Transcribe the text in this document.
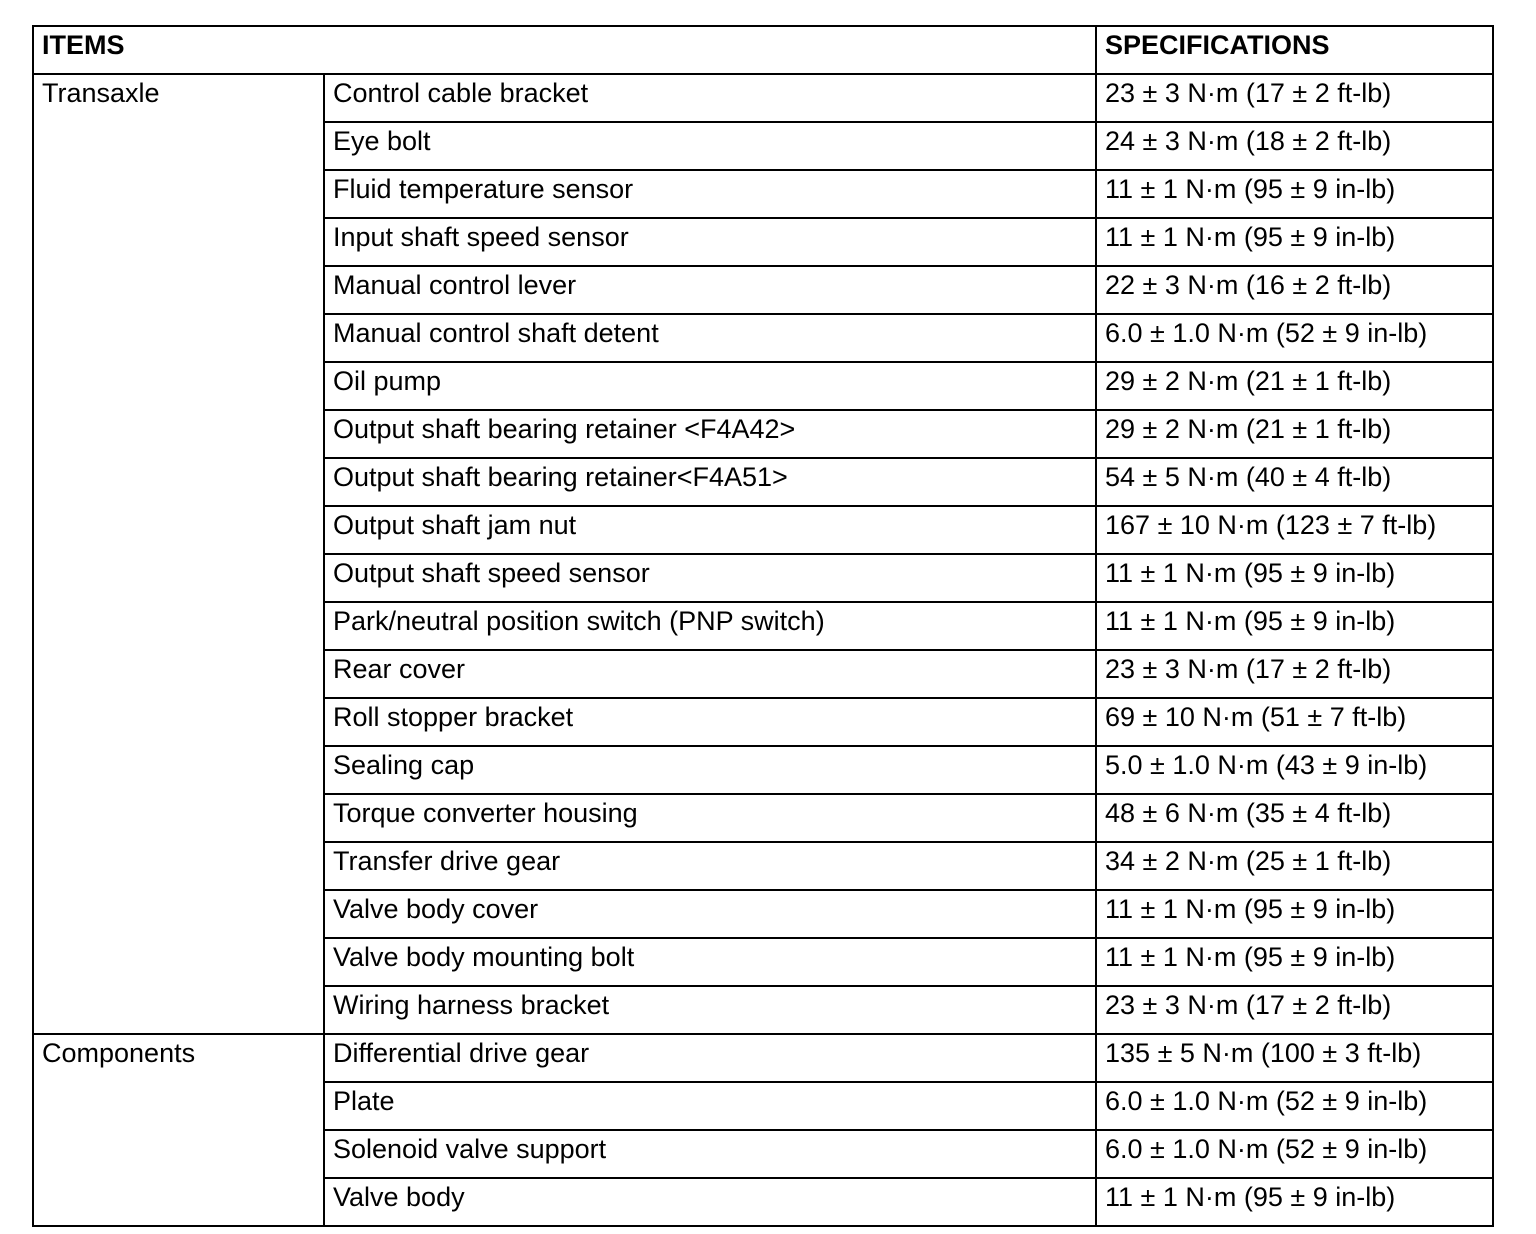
ITEMS		SPECIFICATIONS
Transaxle	Control cable bracket	23 ± 3 N·m (17 ± 2 ft-lb)
	Eye bolt	24 ± 3 N·m (18 ± 2 ft-lb)
	Fluid temperature sensor	11 ± 1 N·m (95 ± 9 in-lb)
	Input shaft speed sensor	11 ± 1 N·m (95 ± 9 in-lb)
	Manual control lever	22 ± 3 N·m (16 ± 2 ft-lb)
	Manual control shaft detent	6.0 ± 1.0 N·m (52 ± 9 in-lb)
	Oil pump	29 ± 2 N·m (21 ± 1 ft-lb)
	Output shaft bearing retainer <F4A42>	29 ± 2 N·m (21 ± 1 ft-lb)
	Output shaft bearing retainer<F4A51>	54 ± 5 N·m (40 ± 4 ft-lb)
	Output shaft jam nut	167 ± 10 N·m (123 ± 7 ft-lb)
	Output shaft speed sensor	11 ± 1 N·m (95 ± 9 in-lb)
	Park/neutral position switch (PNP switch)	11 ± 1 N·m (95 ± 9 in-lb)
	Rear cover	23 ± 3 N·m (17 ± 2 ft-lb)
	Roll stopper bracket	69 ± 10 N·m (51 ± 7 ft-lb)
	Sealing cap	5.0 ± 1.0 N·m (43 ± 9 in-lb)
	Torque converter housing	48 ± 6 N·m (35 ± 4 ft-lb)
	Transfer drive gear	34 ± 2 N·m (25 ± 1 ft-lb)
	Valve body cover	11 ± 1 N·m (95 ± 9 in-lb)
	Valve body mounting bolt	11 ± 1 N·m (95 ± 9 in-lb)
	Wiring harness bracket	23 ± 3 N·m (17 ± 2 ft-lb)
Components	Differential drive gear	135 ± 5 N·m (100 ± 3 ft-lb)
	Plate	6.0 ± 1.0 N·m (52 ± 9 in-lb)
	Solenoid valve support	6.0 ± 1.0 N·m (52 ± 9 in-lb)
	Valve body	11 ± 1 N·m (95 ± 9 in-lb)
